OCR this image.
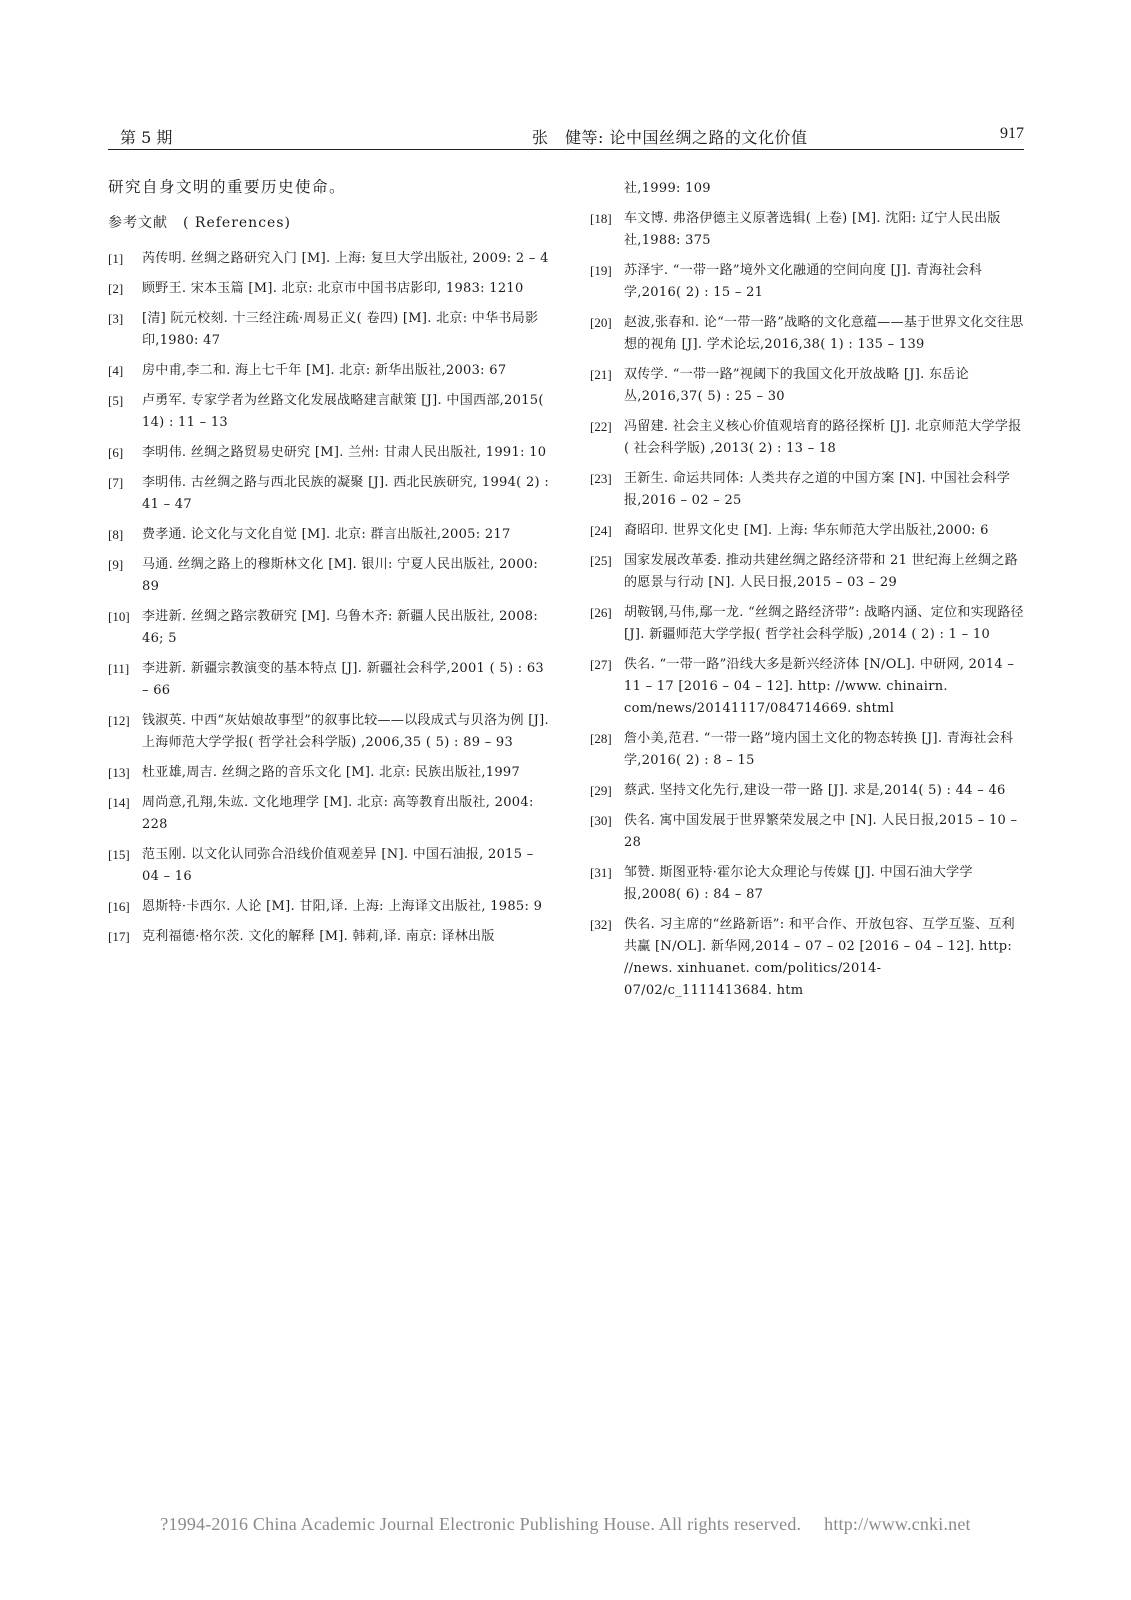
第 5 期	张　健等: 论中国丝绸之路的文化价值	917
研究自身文明的重要历史使命。
参考文献　( References)
[1]	芮传明. 丝绸之路研究入门 [M]. 上海: 复旦大学出版社, 2009: 2 – 4
[2]	顾野王. 宋本玉篇 [M]. 北京: 北京市中国书店影印, 1983: 1210
[3]	[清] 阮元校刻. 十三经注疏·周易正义( 卷四) [M]. 北京: 中华书局影印,1980: 47
[4]	房中甫,李二和. 海上七千年 [M]. 北京: 新华出版社,2003: 67
[5]	卢勇军. 专家学者为丝路文化发展战略建言献策 [J]. 中国西部,2015( 14) : 11 – 13
[6]	李明伟. 丝绸之路贸易史研究 [M]. 兰州: 甘肃人民出版社, 1991: 10
[7]	李明伟. 古丝绸之路与西北民族的凝聚 [J]. 西北民族研究, 1994( 2) : 41 – 47
[8]	费孝通. 论文化与文化自觉 [M]. 北京: 群言出版社,2005: 217
[9]	马通. 丝绸之路上的穆斯林文化 [M]. 银川: 宁夏人民出版社, 2000: 89
[10] 李进新. 丝绸之路宗教研究 [M]. 乌鲁木齐: 新疆人民出版社, 2008: 46; 5
[11] 李进新. 新疆宗教演变的基本特点 [J]. 新疆社会科学,2001 ( 5) : 63 – 66
[12] 钱淑英. 中西“灰姑娘故事型”的叙事比较——以段成式与贝洛为例 [J]. 上海师范大学学报( 哲学社会科学版) ,2006,35 ( 5) : 89 – 93
[13] 杜亚雄,周吉. 丝绸之路的音乐文化 [M]. 北京: 民族出版社,1997
[14] 周尚意,孔翔,朱竑. 文化地理学 [M]. 北京: 高等教育出版社, 2004: 228
[15] 范玉刚. 以文化认同弥合沿线价值观差异 [N]. 中国石油报, 2015 – 04 – 16
[16] 恩斯特·卡西尔. 人论 [M]. 甘阳,译. 上海: 上海译文出版社, 1985: 9
[17] 克利福德·格尔茨. 文化的解释 [M]. 韩莉,译. 南京: 译林出版
社,1999: 109
[18] 车文博. 弗洛伊德主义原著选辑( 上卷) [M]. 沈阳: 辽宁人民出版社,1988: 375
[19] 苏泽宇. “一带一路”境外文化融通的空间向度 [J]. 青海社会科学,2016( 2) : 15 – 21
[20] 赵波,张春和. 论“一带一路”战略的文化意蕴——基于世界文化交往思想的视角 [J]. 学术论坛,2016,38( 1) : 135 – 139
[21] 双传学. “一带一路”视阈下的我国文化开放战略 [J]. 东岳论丛,2016,37( 5) : 25 – 30
[22] 冯留建. 社会主义核心价值观培育的路径探析 [J]. 北京师范大学学报( 社会科学版) ,2013( 2) : 13 – 18
[23] 王新生. 命运共同体: 人类共存之道的中国方案 [N]. 中国社会科学报,2016 – 02 – 25
[24] 裔昭印. 世界文化史 [M]. 上海: 华东师范大学出版社,2000: 6
[25] 国家发展改革委. 推动共建丝绸之路经济带和 21 世纪海上丝绸之路的愿景与行动 [N]. 人民日报,2015 – 03 – 29
[26] 胡鞍钢,马伟,鄢一龙. “丝绸之路经济带”: 战略内涵、定位和实现路径 [J]. 新疆师范大学学报( 哲学社会科学版) ,2014 ( 2) : 1 – 10
[27] 佚名. “一带一路”沿线大多是新兴经济体 [N/OL]. 中研网, 2014 – 11 – 17 [2016 – 04 – 12]. http: //www. chinairn. com/news/20141117/084714669. shtml
[28] 詹小美,范君. “一带一路”境内国土文化的物态转换 [J]. 青海社会科学,2016( 2) : 8 – 15
[29] 蔡武. 坚持文化先行,建设一带一路 [J]. 求是,2014( 5) : 44 – 46
[30] 佚名. 寓中国发展于世界繁荣发展之中 [N]. 人民日报,2015 – 10 – 28
[31] 邹赞. 斯图亚特·霍尔论大众理论与传媒 [J]. 中国石油大学学报,2008( 6) : 84 – 87
[32] 佚名. 习主席的“丝路新语”: 和平合作、开放包容、互学互鉴、互利共赢 [N/OL]. 新华网,2014 – 07 – 02 [2016 – 04 – 12]. http: //news. xinhuanet. com/politics/2014-07/02/c_1111413684. htm
?1994-2016 China Academic Journal Electronic Publishing House. All rights reserved.　 http://www.cnki.net
